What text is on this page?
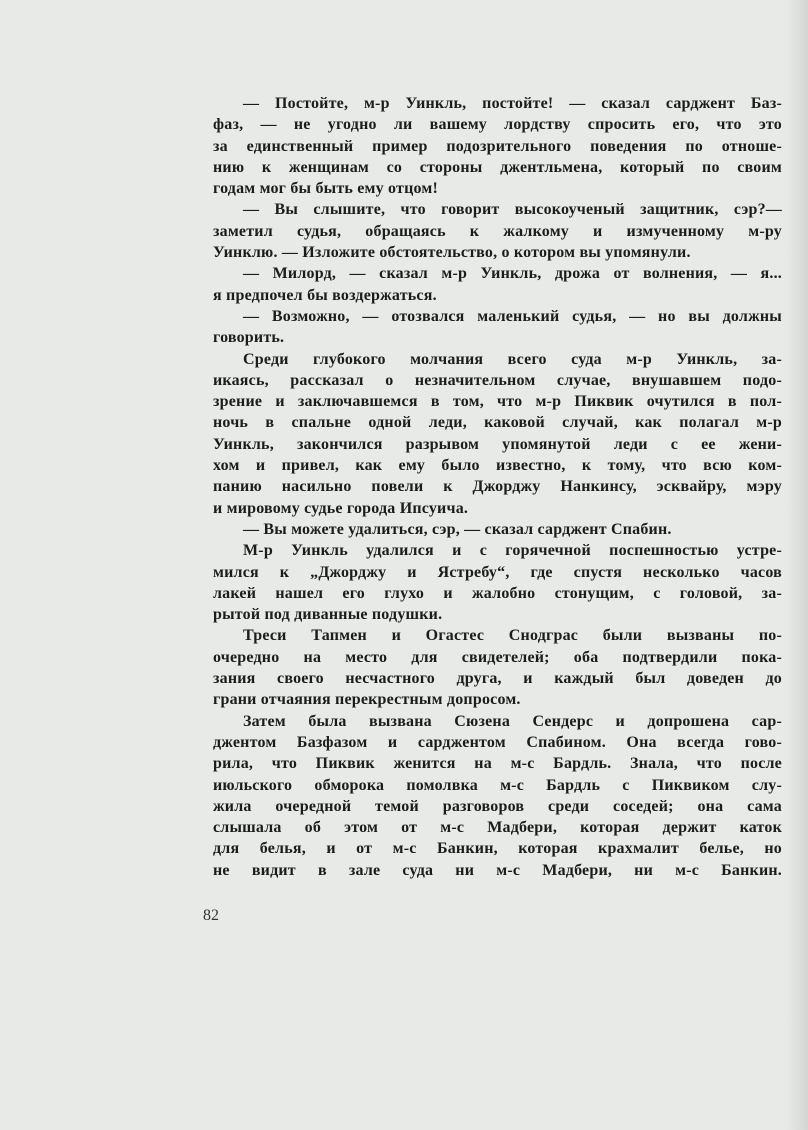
— Постойте, м-р Уинкль, постойте! — сказал сарджент Баз-
фаз, — не угодно ли вашему лордству спросить его, что это
за единственный пример подозрительного поведения по отноше-
нию к женщинам со стороны джентльмена, который по своим
годам мог бы быть ему отцом!
— Вы слышите, что говорит высокоученый защитник, сэр?—
заметил судья, обращаясь к жалкому и измученному м-ру
Уинклю. — Изложите обстоятельство, о котором вы упомянули.
— Милорд, — сказал м-р Уинкль, дрожа от волнения, — я...
я предпочел бы воздержаться.
— Возможно, — отозвался маленький судья, — но вы должны
говорить.
Среди глубокого молчания всего суда м-р Уинкль, за-
икаясь, рассказал о незначительном случае, внушавшем подо-
зрение и заключавшемся в том, что м-р Пиквик очутился в пол-
ночь в спальне одной леди, каковой случай, как полагал м-р
Уинкль, закончился разрывом упомянутой леди с ее жени-
хом и привел, как ему было известно, к тому, что всю ком-
панию насильно повели к Джорджу Нанкинсу, эсквайру, мэру
и мировому судье города Ипсуича.
— Вы можете удалиться, сэр, — сказал сарджент Спабин.
М-р Уинкль удалился и с горячечной поспешностью устре-
мился к „Джорджу и Ястребу“, где спустя несколько часов
лакей нашел его глухо и жалобно стонущим, с головой, за-
рытой под диванные подушки.
Треси Тапмен и Огастес Снодграс были вызваны по-
очередно на место для свидетелей; оба подтвердили пока-
зания своего несчастного друга, и каждый был доведен до
грани отчаяния перекрестным допросом.
Затем была вызвана Сюзена Сендерс и допрошена сар-
джентом Базфазом и сарджентом Спабином. Она всегда гово-
рила, что Пиквик женится на м-с Бардль. Знала, что после
июльского обморока помолвка м-с Бардль с Пиквиком слу-
жила очередной темой разговоров среди соседей; она сама
слышала об этом от м-с Мадбери, которая держит каток
для белья, и от м-с Банкин, которая крахмалит белье, но
не видит в зале суда ни м-с Мадбери, ни м-с Банкин.
82
